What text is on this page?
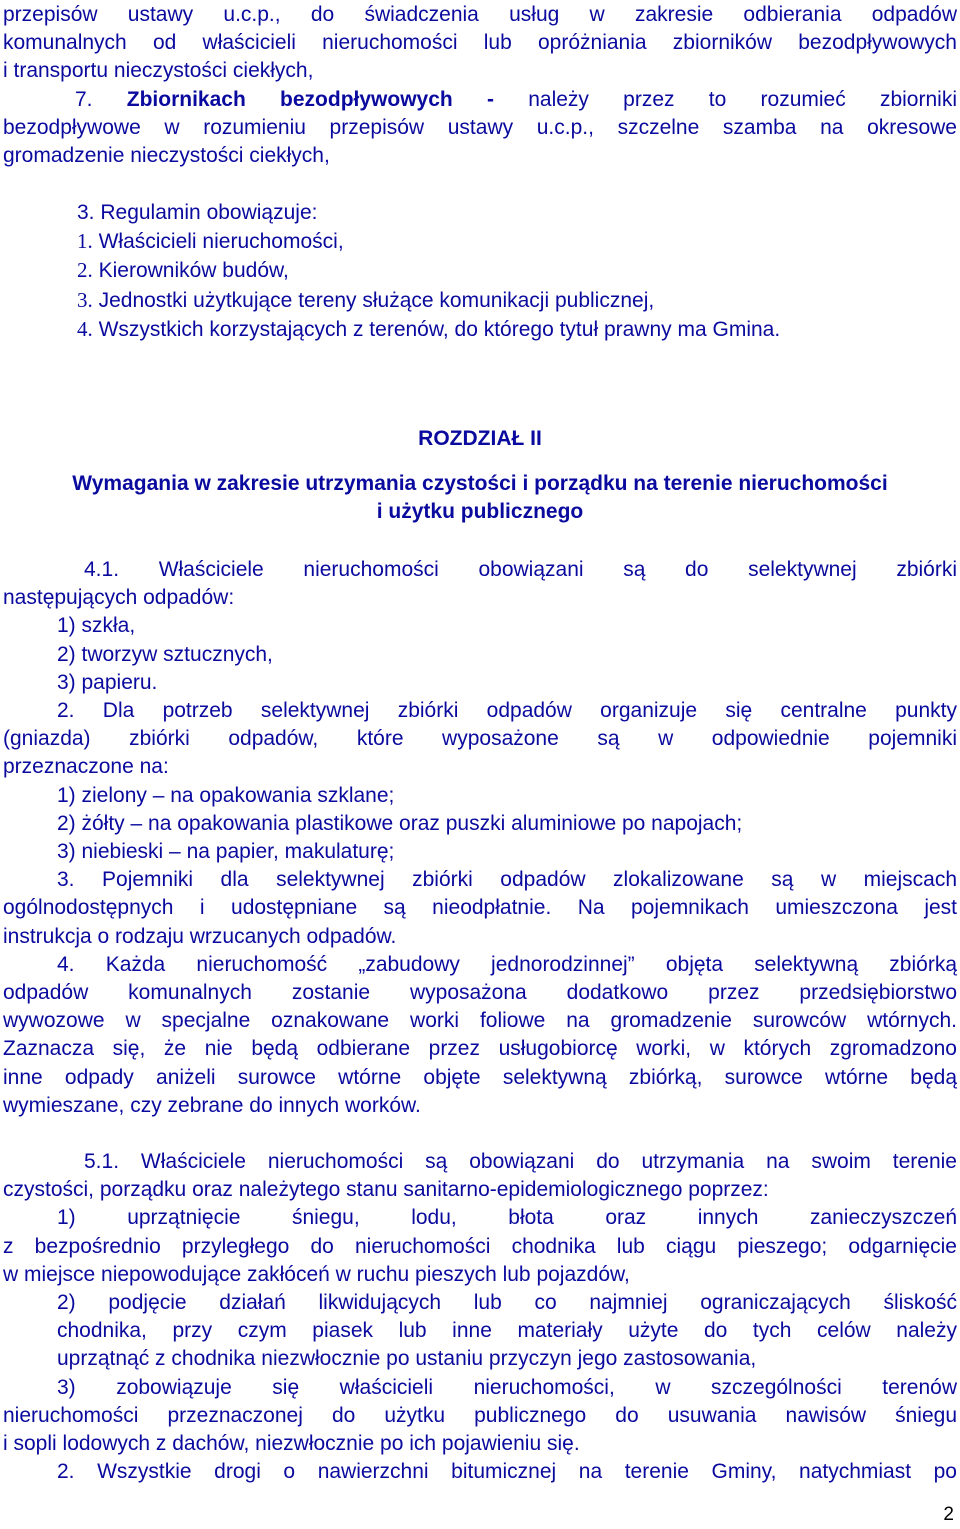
przepisów ustawy u.c.p., do świadczenia usług w zakresie odbierania odpadów
komunalnych od właścicieli nieruchomości lub opróżniania zbiorników bezodpływowych
i transportu nieczystości ciekłych,
7. Zbiornikach bezodpływowych - należy przez to rozumieć zbiorniki
bezodpływowe w rozumieniu przepisów ustawy u.c.p., szczelne szamba na okresowe
gromadzenie nieczystości ciekłych,
3. Regulamin obowiązuje:
1. Właścicieli nieruchomości,
2. Kierowników budów,
3. Jednostki użytkujące tereny służące komunikacji publicznej,
4. Wszystkich korzystających z terenów, do którego tytuł prawny ma Gmina.
ROZDZIAŁ II
Wymagania w zakresie utrzymania czystości i porządku na terenie nieruchomości
i użytku publicznego
4.1. Właściciele nieruchomości obowiązani są do selektywnej zbiórki
następujących odpadów:
1) szkła,
2) tworzyw sztucznych,
3) papieru.
2. Dla potrzeb selektywnej zbiórki odpadów organizuje się centralne punkty
(gniazda) zbiórki odpadów, które wyposażone są w odpowiednie pojemniki
przeznaczone na:
1) zielony – na opakowania szklane;
2) żółty – na opakowania plastikowe oraz puszki aluminiowe po napojach;
3) niebieski – na papier, makulaturę;
3. Pojemniki dla selektywnej zbiórki odpadów zlokalizowane są w miejscach
ogólnodostępnych i udostępniane są nieodpłatnie. Na pojemnikach umieszczona jest
instrukcja o rodzaju wrzucanych odpadów.
4. Każda nieruchomość „zabudowy jednorodzinnej” objęta selektywną zbiórką
odpadów komunalnych zostanie wyposażona dodatkowo przez przedsiębiorstwo
wywozowe w specjalne oznakowane worki foliowe na gromadzenie surowców wtórnych.
Zaznacza się, że nie będą odbierane przez usługobiorcę worki, w których zgromadzono
inne odpady aniżeli surowce wtórne objęte selektywną zbiórką, surowce wtórne będą
wymieszane, czy zebrane do innych worków.
5.1. Właściciele nieruchomości są obowiązani do utrzymania na swoim terenie
czystości, porządku oraz należytego stanu sanitarno-epidemiologicznego poprzez:
1) uprzątnięcie śniegu, lodu, błota oraz innych zanieczyszczeń
z bezpośrednio przyległego do nieruchomości chodnika lub ciągu pieszego; odgarnięcie
w miejsce niepowodujące zakłóceń w ruchu pieszych lub pojazdów,
2) podjęcie działań likwidujących lub co najmniej ograniczających śliskość
chodnika, przy czym piasek lub inne materiały użyte do tych celów należy
uprzątnąć z chodnika niezwłocznie po ustaniu przyczyn jego zastosowania,
3) zobowiązuje się właścicieli nieruchomości, w szczególności terenów
nieruchomości przeznaczonej do użytku publicznego do usuwania nawisów śniegu
i sopli lodowych z dachów, niezwłocznie po ich pojawieniu się.
2. Wszystkie drogi o nawierzchni bitumicznej na terenie Gminy, natychmiast po
2
